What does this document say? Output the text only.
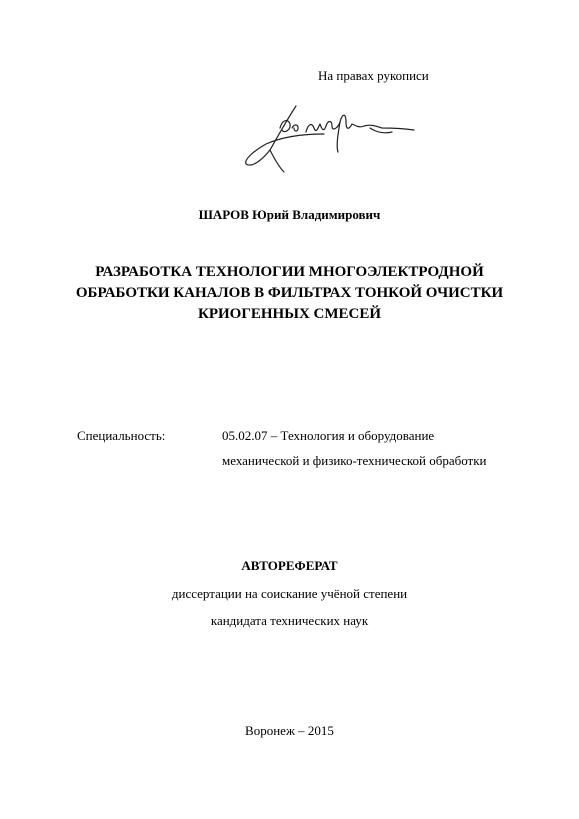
На правах рукописи
ШАРОВ Юрий Владимирович
РАЗРАБОТКА ТЕХНОЛОГИИ МНОГОЭЛЕКТРОДНОЙ
ОБРАБОТКИ КАНАЛОВ В ФИЛЬТРАХ ТОНКОЙ ОЧИСТКИ
КРИОГЕННЫХ СМЕСЕЙ
Специальность:	05.02.07 – Технология и оборудование
механической и физико-технической обработки
АВТОРЕФЕРАТ
диссертации на соискание учёной степени
кандидата технических наук
Воронеж – 2015
